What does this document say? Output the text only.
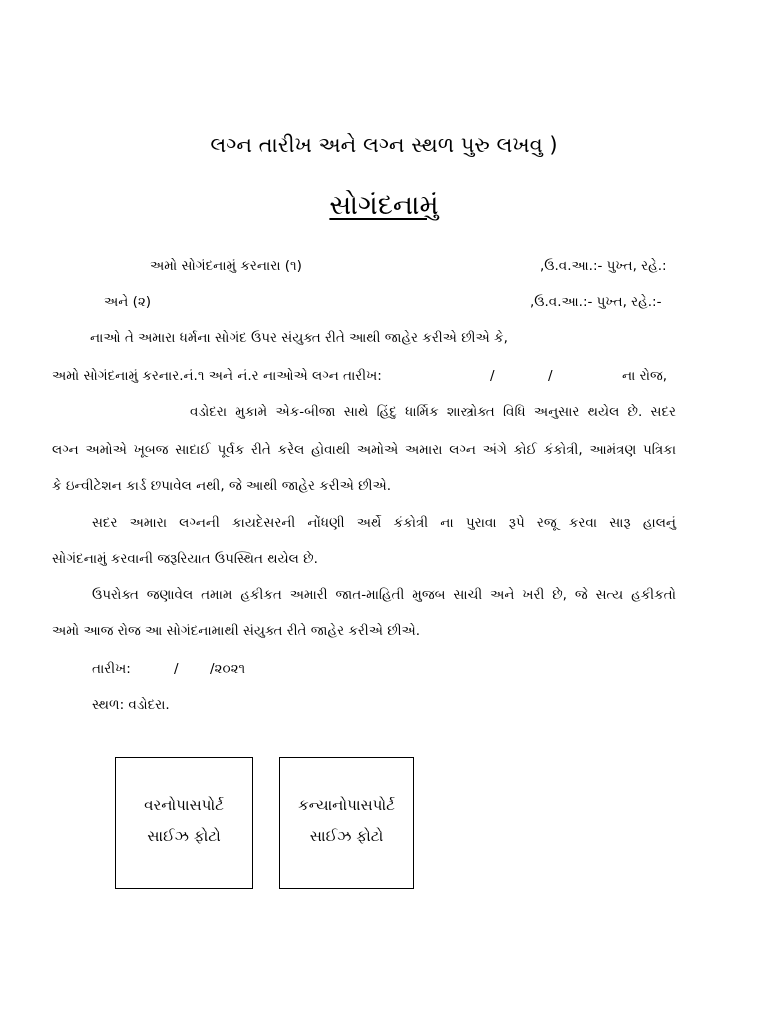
લગ્ન તારીખ અને લગ્ન સ્થળ પુરુ લખવુ )
સોગંદનામું
અમો સોગંદનામું કરનારા (૧)	,ઉ.વ.આ.:- પુખ્ત, રહે.:
અને (૨)	,ઉ.વ.આ.:- પુખ્ત, રહે.:-
નાઓ તે અમારા ધર્મના સોગંદ ઉપર સંયુક્ત રીતે આથી જાહેર કરીએ છીએ કે,
અમો સોગંદનામું કરનાર.નં.૧ અને નં.ર નાઓએ લગ્ન તારીખ:	/	/	ના રોજ,
વડોદરા મુકામે એક-બીજા સાથે હિંદુ ધાર્મિક શાસ્ત્રોક્ત વિધિ અનુસાર થયેલ છે. સદર
લગ્ન અમોએ ખૂબજ સાદાઈ પૂર્વક રીતે કરેલ હોવાથી અમોએ અમારા લગ્ન અંગે કોઈ કંકોત્રી, આમંત્રણ પત્રિકા
કે ઇન્વીટેશન કાર્ડ છપાવેલ નથી, જે આથી જાહેર કરીએ છીએ.
સદર અમારા લગ્નની કાયદેસરની નોંધણી અર્થે કંકોત્રી ના પુરાવા રૂપે રજૂ કરવા સારૂ હાલનું
સોગંદનામું કરવાની જરૂરિયાત ઉપસ્થિત થયેલ છે.
ઉપરોક્ત જણાવેલ તમામ હકીકત અમારી જાત-માહિતી મુજબ સાચી અને ખરી છે, જે સત્ય હકીકતો
અમો આજ રોજ આ સોગંદનામાથી સંયુક્ત રીતે જાહેર કરીએ છીએ.
તારીખ:	/ /૨૦૨૧
સ્થળ: વડોદરા.
વરનોપાસપોર્ટ
સાઈઝ ફોટો
કન્યાનોપાસપોર્ટ
સાઈઝ ફોટો
